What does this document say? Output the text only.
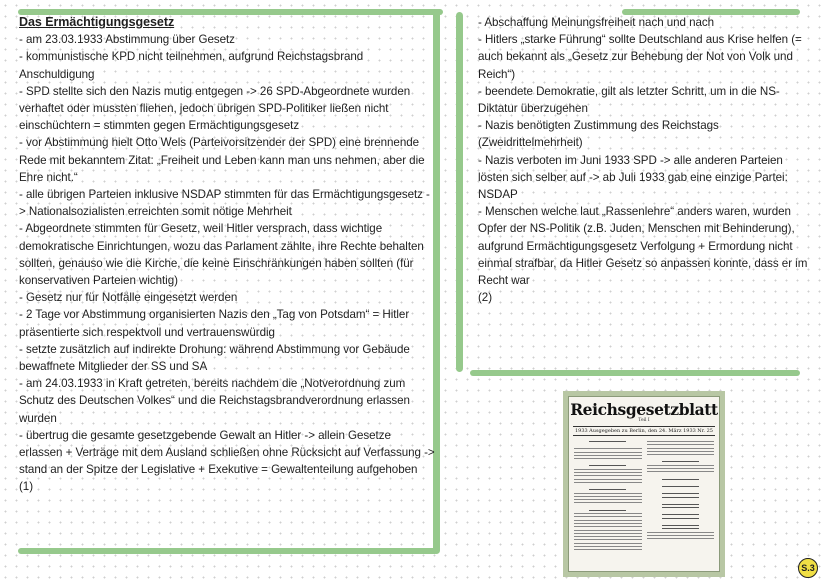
Das Ermächtigungsgesetz

- am 23.03.1933 Abstimmung über Gesetz

- kommunistische KPD nicht teilnehmen, aufgrund Reichstagsbrand Anschuldigung

- SPD stellte sich den Nazis mutig entgegen -> 26 SPD-Abgeordnete wurden verhaftet oder mussten fliehen, jedoch übrigen SPD-Politiker ließen nicht einschüchtern = stimmten gegen Ermächtigungsgesetz

- vor Abstimmung hielt Otto Wels (Parteivorsitzender der SPD) eine brennende Rede mit bekanntem Zitat: „Freiheit und Leben kann man uns nehmen, aber die Ehre nicht.“

- alle übrigen Parteien inklusive NSDAP stimmten für das Ermächtigungsgesetz -> Nationalsozialisten erreichten somit nötige Mehrheit

- Abgeordnete stimmten für Gesetz, weil Hitler versprach, dass wichtige demokratische Einrichtungen, wozu das Parlament zählte, ihre Rechte behalten sollten, genauso wie die Kirche, die keine Einschränkungen haben sollten (für konservativen Parteien wichtig)

- Gesetz nur für Notfälle eingesetzt werden

- 2 Tage vor Abstimmung organisierten Nazis den „Tag von Potsdam“ = Hitler präsentierte sich respektvoll und vertrauenswürdig

- setzte zusätzlich auf indirekte Drohung: während Abstimmung vor Gebäude bewaffnete Mitglieder der SS und SA

- am 24.03.1933 in Kraft getreten, bereits nachdem die „Notverordnung zum Schutz des Deutschen Volkes“ und die Reichstagsbrandverordnung erlassen wurden

- übertrug die gesamte gesetzgebende Gewalt an Hitler -> allein Gesetze erlassen + Verträge mit dem Ausland schließen ohne Rücksicht auf Verfassung -> stand an der Spitze der Legislative + Exekutive = Gewaltenteilung aufgehoben

(1)

- Abschaffung Meinungsfreiheit nach und nach

- Hitlers „starke Führung“ sollte Deutschland aus Krise helfen (= auch bekannt als „Gesetz zur Behebung der Not von Volk und Reich“)

- beendete Demokratie, gilt als letzter Schritt, um in die NS-Diktatur überzugehen

- Nazis benötigten Zustimmung des Reichstags (Zweidrittelmehrheit)

- Nazis verboten im Juni 1933 SPD -> alle anderen Parteien lösten sich selber auf -> ab Juli 1933 gab eine einzige Partei: NSDAP

- Menschen welche laut „Rassenlehre“ anders waren, wurden Opfer der NS-Politik (z.B. Juden, Menschen mit Behinderung), aufgrund Ermächtigungsgesetz Verfolgung + Ermordung nicht einmal strafbar, da Hitler Gesetz so anpassen konnte, dass er im Recht war

(2)

Reichsgesetzblatt
Teil I
1933 Ausgegeben zu Berlin, den 24. März 1933 Nr. 25
S.3
